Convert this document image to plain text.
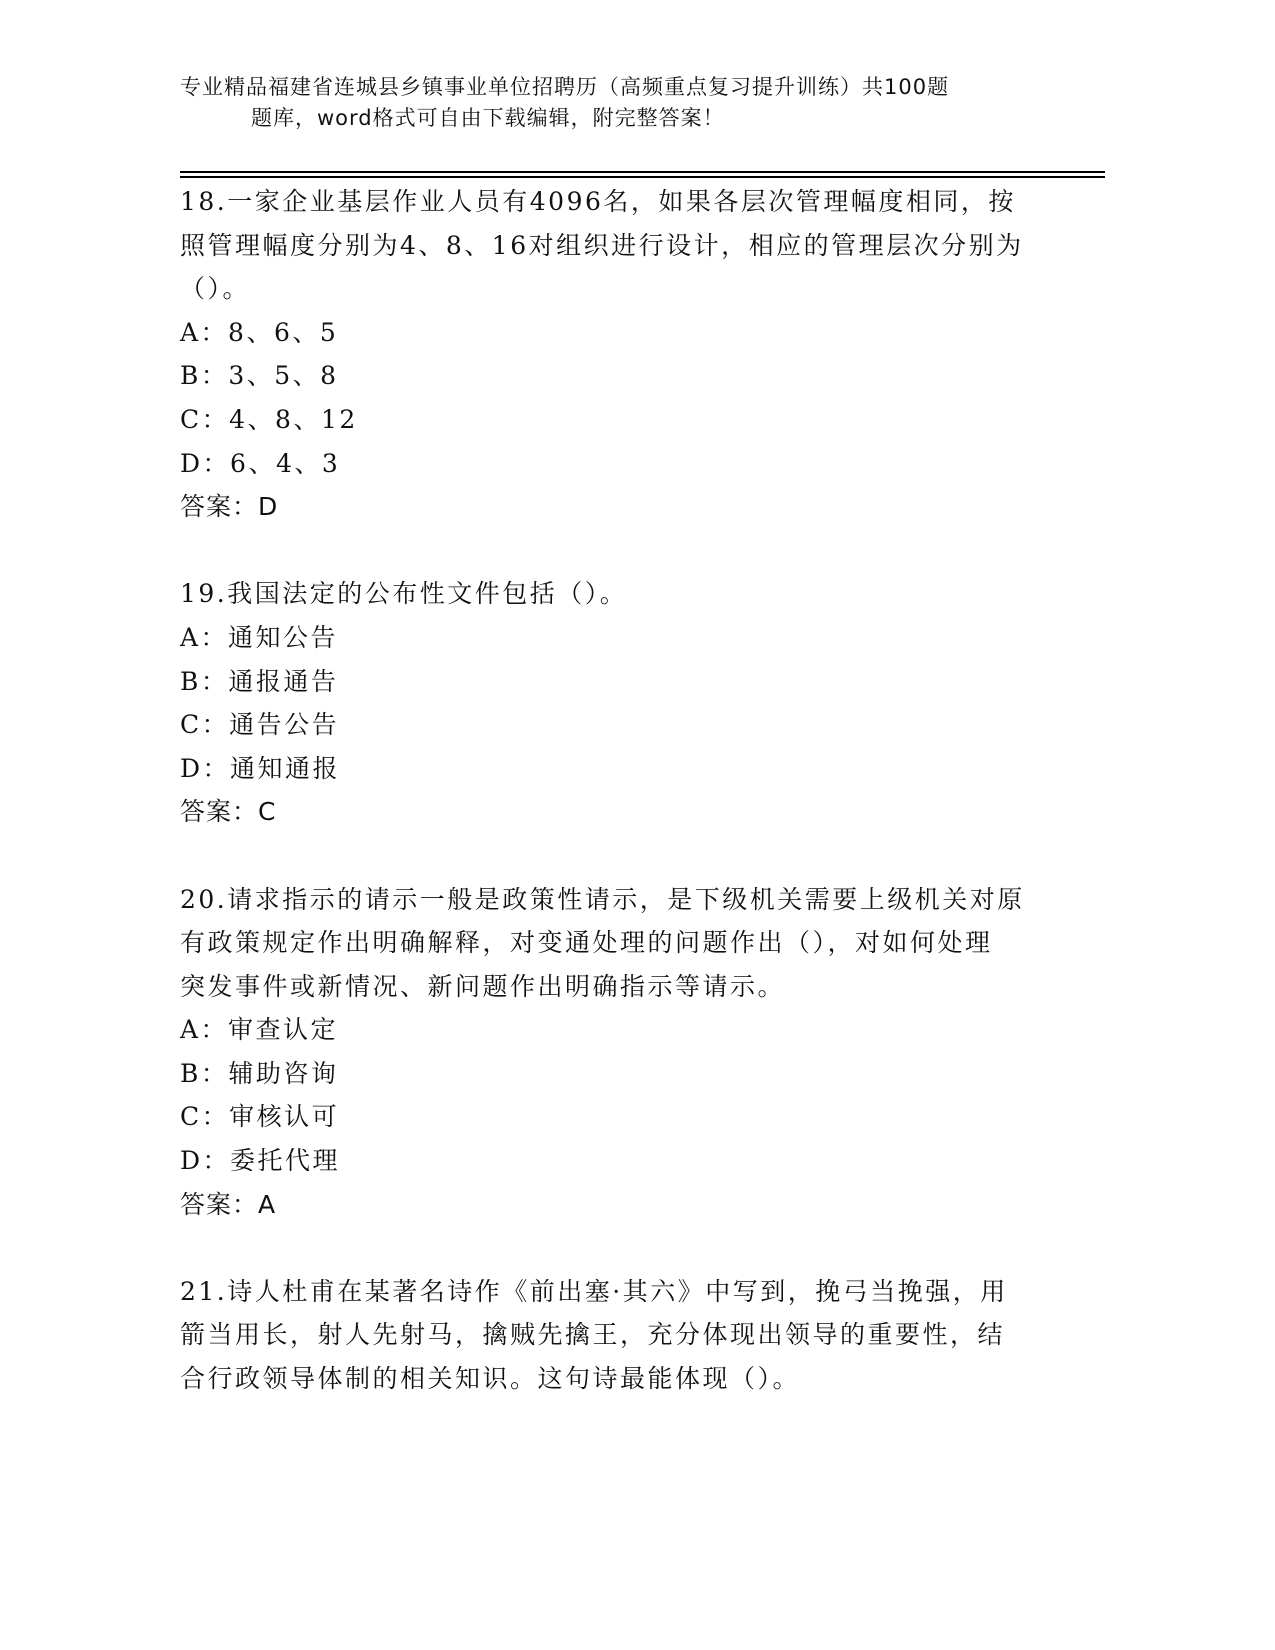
专业精品福建省连城县乡镇事业单位招聘历（高频重点复习提升训练）共100题
题库，word格式可自由下载编辑，附完整答案！
18.一家企业基层作业人员有4096名，如果各层次管理幅度相同，按
照管理幅度分别为4、8、16对组织进行设计，相应的管理层次分别为
（）。
A：8、6、5
B：3、5、8
C：4、8、12
D：6、4、3
答案：D
19.我国法定的公布性文件包括（）。
A：通知公告
B：通报通告
C：通告公告
D：通知通报
答案：C
20.请求指示的请示一般是政策性请示，是下级机关需要上级机关对原
有政策规定作出明确解释，对变通处理的问题作出（），对如何处理
突发事件或新情况、新问题作出明确指示等请示。
A：审查认定
B：辅助咨询
C：审核认可
D：委托代理
答案：A
21.诗人杜甫在某著名诗作《前出塞·其六》中写到，挽弓当挽强，用
箭当用长，射人先射马，擒贼先擒王，充分体现出领导的重要性，结
合行政领导体制的相关知识。这句诗最能体现（）。
